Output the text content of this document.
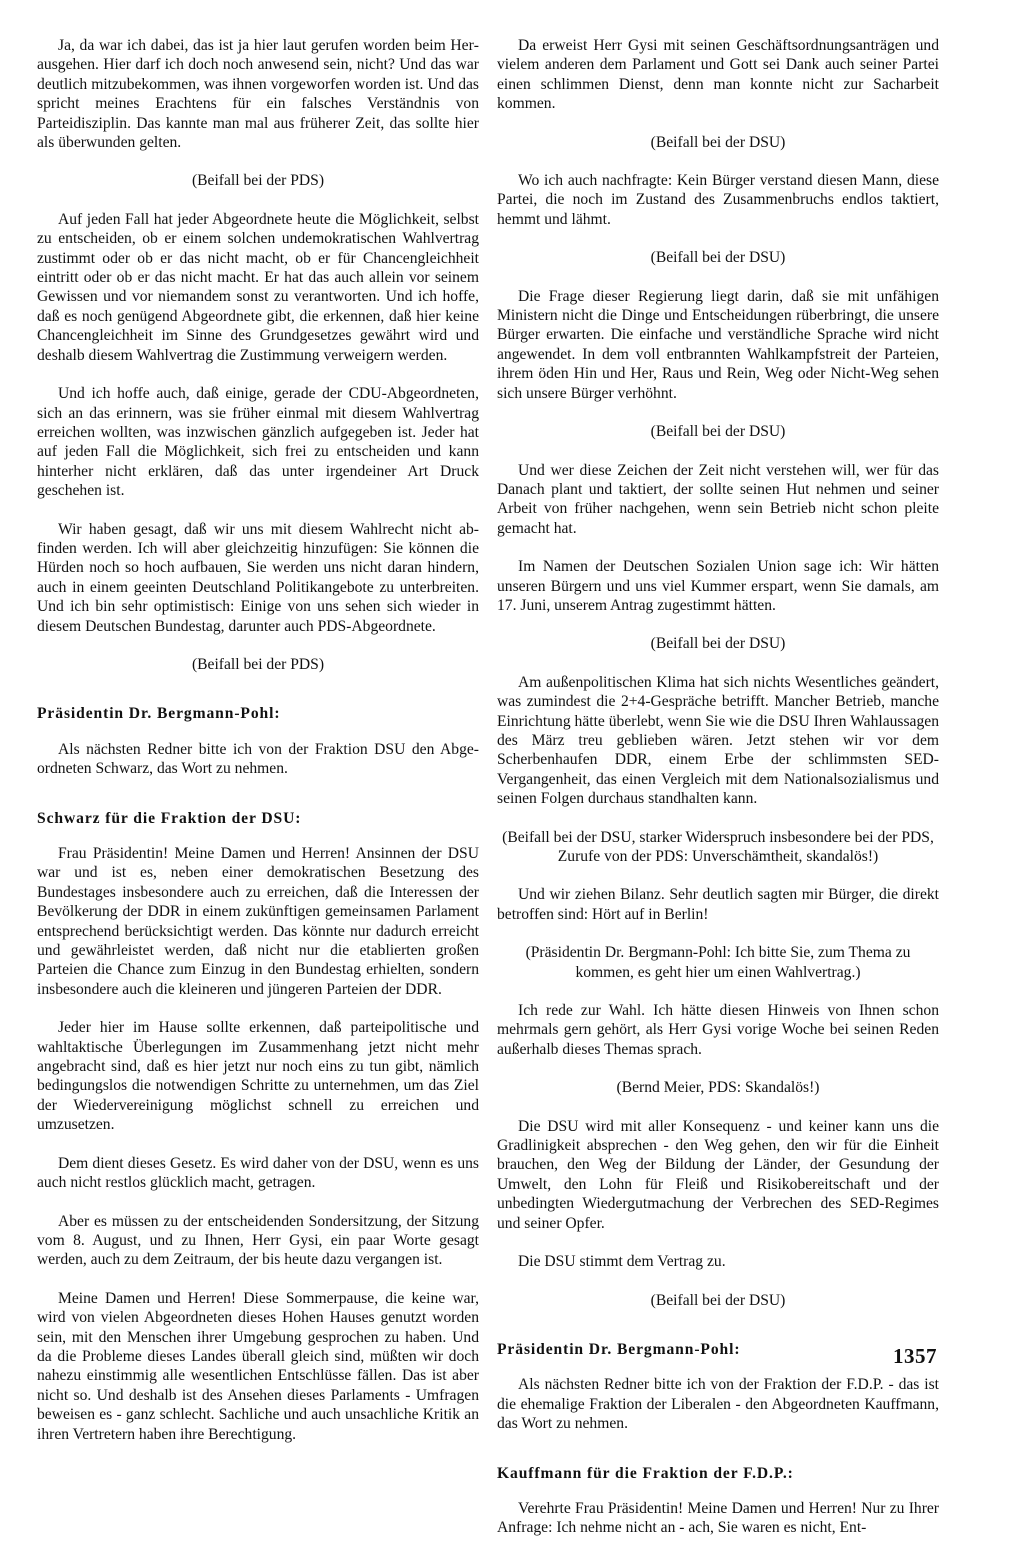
Ja, da war ich dabei, das ist ja hier laut gerufen worden beim Herausgehen. Hier darf ich doch noch anwesend sein, nicht? Und das war deutlich mitzubekommen, was ihnen vorgeworfen worden ist. Und das spricht meines Erachtens für ein falsches Verständnis von Parteidisziplin. Das kannte man mal aus früherer Zeit, das sollte hier als überwunden gelten.

(Beifall bei der PDS)

Auf jeden Fall hat jeder Abgeordnete heute die Möglichkeit, selbst zu entscheiden, ob er einem solchen undemokratischen Wahlvertrag zustimmt oder ob er das nicht macht, ob er für Chancengleichheit eintritt oder ob er das nicht macht. Er hat das auch allein vor seinem Gewissen und vor niemandem sonst zu verantworten. Und ich hoffe, daß es noch genügend Abgeordnete gibt, die erkennen, daß hier keine Chancengleichheit im Sinne des Grundgesetzes gewährt wird und deshalb diesem Wahlvertrag die Zustimmung verweigern werden.

Und ich hoffe auch, daß einige, gerade der CDU-Abgeordneten, sich an das erinnern, was sie früher einmal mit diesem Wahlvertrag erreichen wollten, was inzwischen gänzlich aufgegeben ist. Jeder hat auf jeden Fall die Möglichkeit, sich frei zu entscheiden und kann hinterher nicht erklären, daß das unter irgendeiner Art Druck geschehen ist.

Wir haben gesagt, daß wir uns mit diesem Wahlrecht nicht abfinden werden. Ich will aber gleichzeitig hinzufügen: Sie können die Hürden noch so hoch aufbauen, Sie werden uns nicht daran hindern, auch in einem geeinten Deutschland Politikangebote zu unterbreiten. Und ich bin sehr optimistisch: Einige von uns sehen sich wieder in diesem Deutschen Bundestag, darunter auch PDS-Abgeordnete.

(Beifall bei der PDS)

Präsidentin Dr. Bergmann-Pohl:

Als nächsten Redner bitte ich von der Fraktion DSU den Abgeordneten Schwarz, das Wort zu nehmen.

Schwarz für die Fraktion der DSU:

Frau Präsidentin! Meine Damen und Herren! Ansinnen der DSU war und ist es, neben einer demokratischen Besetzung des Bundestages insbesondere auch zu erreichen, daß die Interessen der Bevölkerung der DDR in einem zukünftigen gemeinsamen Parlament entsprechend berücksichtigt werden. Das könnte nur dadurch erreicht und gewährleistet werden, daß nicht nur die etablierten großen Parteien die Chance zum Einzug in den Bundestag erhielten, sondern insbesondere auch die kleineren und jüngeren Parteien der DDR.

Jeder hier im Hause sollte erkennen, daß parteipolitische und wahltaktische Überlegungen im Zusammenhang jetzt nicht mehr angebracht sind, daß es hier jetzt nur noch eins zu tun gibt, nämlich bedingungslos die notwendigen Schritte zu unternehmen, um das Ziel der Wiedervereinigung möglichst schnell zu erreichen und umzusetzen.

Dem dient dieses Gesetz. Es wird daher von der DSU, wenn es uns auch nicht restlos glücklich macht, getragen.

Aber es müssen zu der entscheidenden Sondersitzung, der Sitzung vom 8. August, und zu Ihnen, Herr Gysi, ein paar Worte gesagt werden, auch zu dem Zeitraum, der bis heute dazu vergangen ist.

Meine Damen und Herren! Diese Sommerpause, die keine war, wird von vielen Abgeordneten dieses Hohen Hauses genutzt worden sein, mit den Menschen ihrer Umgebung gesprochen zu haben. Und da die Probleme dieses Landes überall gleich sind, müßten wir doch nahezu einstimmig alle wesentlichen Entschlüsse fällen. Das ist aber nicht so. Und deshalb ist des Ansehen dieses Parlaments - Umfragen beweisen es - ganz schlecht. Sachliche und auch unsachliche Kritik an ihren Vertretern haben ihre Berechtigung.

Da erweist Herr Gysi mit seinen Geschäftsordnungsanträgen und vielem anderen dem Parlament und Gott sei Dank auch seiner Partei einen schlimmen Dienst, denn man konnte nicht zur Sacharbeit kommen.

(Beifall bei der DSU)

Wo ich auch nachfragte: Kein Bürger verstand diesen Mann, diese Partei, die noch im Zustand des Zusammenbruchs endlos taktiert, hemmt und lähmt.

(Beifall bei der DSU)

Die Frage dieser Regierung liegt darin, daß sie mit unfähigen Ministern nicht die Dinge und Entscheidungen rüberbringt, die unsere Bürger erwarten. Die einfache und verständliche Sprache wird nicht angewendet. In dem voll entbrannten Wahlkampfstreit der Parteien, ihrem öden Hin und Her, Raus und Rein, Weg oder Nicht-Weg sehen sich unsere Bürger verhöhnt.

(Beifall bei der DSU)

Und wer diese Zeichen der Zeit nicht verstehen will, wer für das Danach plant und taktiert, der sollte seinen Hut nehmen und seiner Arbeit von früher nachgehen, wenn sein Betrieb nicht schon pleite gemacht hat.

Im Namen der Deutschen Sozialen Union sage ich: Wir hätten unseren Bürgern und uns viel Kummer erspart, wenn Sie damals, am 17. Juni, unserem Antrag zugestimmt hätten.

(Beifall bei der DSU)

Am außenpolitischen Klima hat sich nichts Wesentliches geändert, was zumindest die 2+4-Gespräche betrifft. Mancher Betrieb, manche Einrichtung hätte überlebt, wenn Sie wie die DSU Ihren Wahlaussagen des März treu geblieben wären. Jetzt stehen wir vor dem Scherbenhaufen DDR, einem Erbe der schlimmsten SED-Vergangenheit, das einen Vergleich mit dem Nationalsozialismus und seinen Folgen durchaus standhalten kann.

(Beifall bei der DSU, starker Widerspruch insbesondere bei der PDS, Zurufe von der PDS: Unverschämtheit, skandalös!)

Und wir ziehen Bilanz. Sehr deutlich sagten mir Bürger, die direkt betroffen sind: Hört auf in Berlin!

(Präsidentin Dr. Bergmann-Pohl: Ich bitte Sie, zum Thema zu kommen, es geht hier um einen Wahlvertrag.)

Ich rede zur Wahl. Ich hätte diesen Hinweis von Ihnen schon mehrmals gern gehört, als Herr Gysi vorige Woche bei seinen Reden außerhalb dieses Themas sprach.

(Bernd Meier, PDS: Skandalös!)

Die DSU wird mit aller Konsequenz - und keiner kann uns die Gradlinigkeit absprechen - den Weg gehen, den wir für die Einheit brauchen, den Weg der Bildung der Länder, der Gesundung der Umwelt, den Lohn für Fleiß und Risikobereitschaft und der unbedingten Wiedergutmachung der Verbrechen des SED-Regimes und seiner Opfer.

Die DSU stimmt dem Vertrag zu.

(Beifall bei der DSU)

Präsidentin Dr. Bergmann-Pohl:

Als nächsten Redner bitte ich von der Fraktion der F.D.P. - das ist die ehemalige Fraktion der Liberalen - den Abgeordneten Kauffmann, das Wort zu nehmen.

Kauffmann für die Fraktion der F.D.P.:

Verehrte Frau Präsidentin! Meine Damen und Herren! Nur zu Ihrer Anfrage: Ich nehme nicht an - ach, Sie waren es nicht, Ent-

1357
